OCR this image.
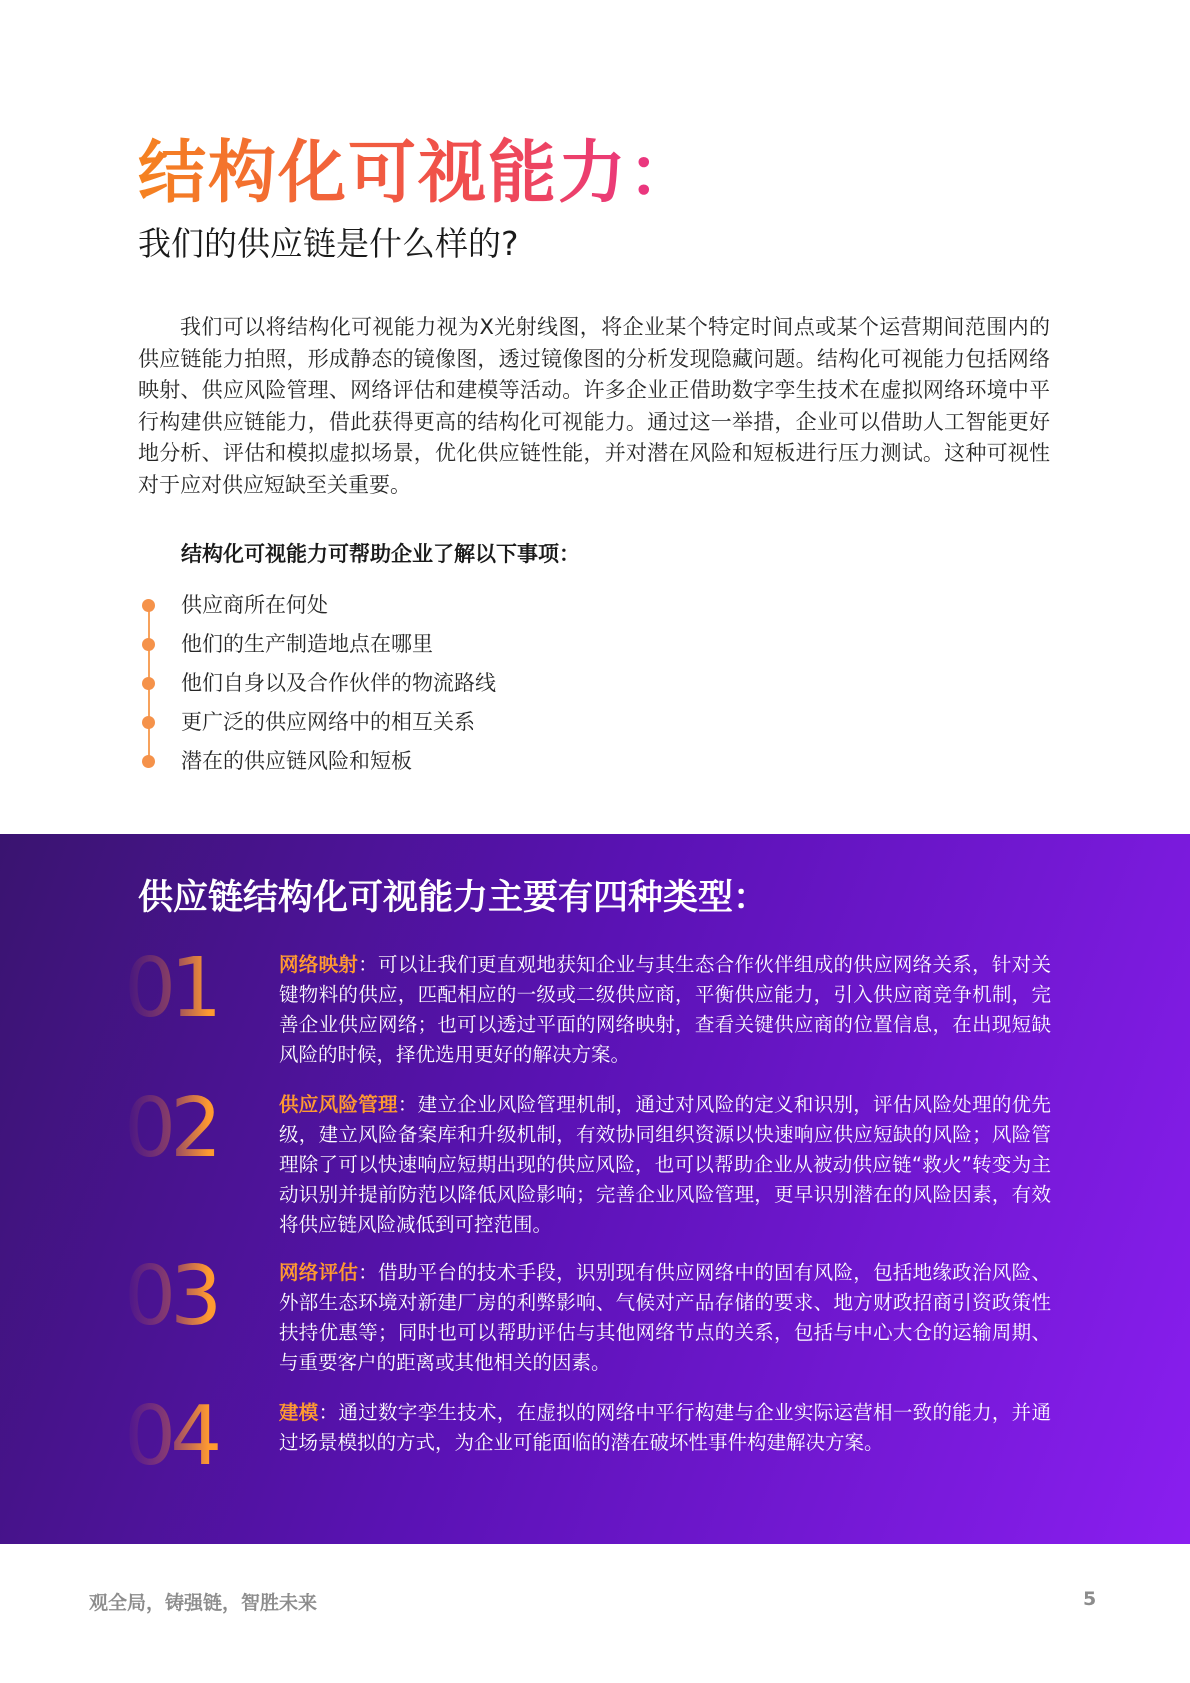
结构化可视能力：
我们的供应链是什么样的?

我们可以将结构化可视能力视为X光射线图，将企业某个特定时间点或某个运营期间范围内的供应链能力拍照，形成静态的镜像图，透过镜像图的分析发现隐藏问题。结构化可视能力包括网络映射、供应风险管理、网络评估和建模等活动。许多企业正借助数字孪生技术在虚拟网络环境中平行构建供应链能力，借此获得更高的结构化可视能力。通过这一举措，企业可以借助人工智能更好地分析、评估和模拟虚拟场景，优化供应链性能，并对潜在风险和短板进行压力测试。这种可视性对于应对供应短缺至关重要。

结构化可视能力可帮助企业了解以下事项：
供应商所在何处
他们的生产制造地点在哪里
他们自身以及合作伙伴的物流路线
更广泛的供应网络中的相互关系
潜在的供应链风险和短板
供应链结构化可视能力主要有四种类型：
01	网络映射：可以让我们更直观地获知企业与其生态合作伙伴组成的供应网络关系，针对关键物料的供应，匹配相应的一级或二级供应商，平衡供应能力，引入供应商竞争机制，完善企业供应网络；也可以透过平面的网络映射，查看关键供应商的位置信息，在出现短缺风险的时候，择优选用更好的解决方案。

02	供应风险管理：建立企业风险管理机制，通过对风险的定义和识别，评估风险处理的优先级，建立风险备案库和升级机制，有效协同组织资源以快速响应供应短缺的风险；风险管理除了可以快速响应短期出现的供应风险，也可以帮助企业从被动供应链“救火”转变为主动识别并提前防范以降低风险影响；完善企业风险管理，更早识别潜在的风险因素，有效将供应链风险减低到可控范围。

03	网络评估：借助平台的技术手段，识别现有供应网络中的固有风险，包括地缘政治风险、外部生态环境对新建厂房的利弊影响、气候对产品存储的要求、地方财政招商引资政策性扶持优惠等；同时也可以帮助评估与其他网络节点的关系，包括与中心大仓的运输周期、与重要客户的距离或其他相关的因素。

04	建模：通过数字孪生技术，在虚拟的网络中平行构建与企业实际运营相一致的能力，并通过场景模拟的方式，为企业可能面临的潜在破坏性事件构建解决方案。

观全局，铸强链，智胜未来	5
